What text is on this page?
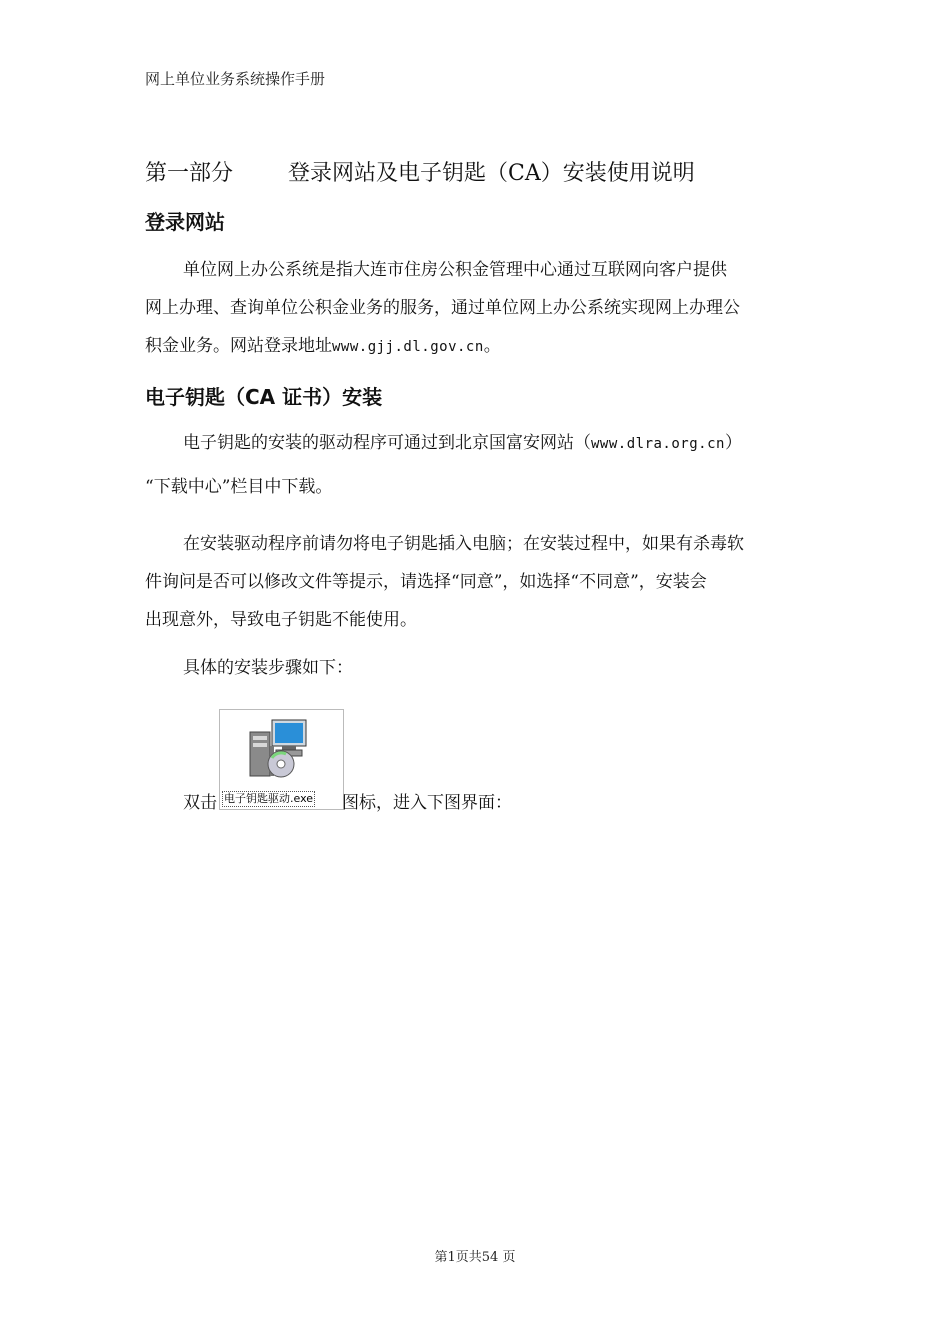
网上单位业务系统操作手册
第一部分 登录网站及电子钥匙（CA）安装使用说明
登录网站
单位网上办公系统是指大连市住房公积金管理中心通过互联网向客户提供
网上办理、查询单位公积金业务的服务，通过单位网上办公系统实现网上办理公
积金业务。网站登录地址www.gjj.dl.gov.cn。
电子钥匙（CA 证书）安装
电子钥匙的安装的驱动程序可通过到北京国富安网站（www.dlra.org.cn）
“下载中心”栏目中下载。
在安装驱动程序前请勿将电子钥匙插入电脑；在安装过程中，如果有杀毒软
件询问是否可以修改文件等提示，请选择“同意”，如选择“不同意”，安装会
出现意外，导致电子钥匙不能使用。
具体的安装步骤如下：
电子钥匙驱动.exe
双击	图标，进入下图界面：
第1页共54 页
